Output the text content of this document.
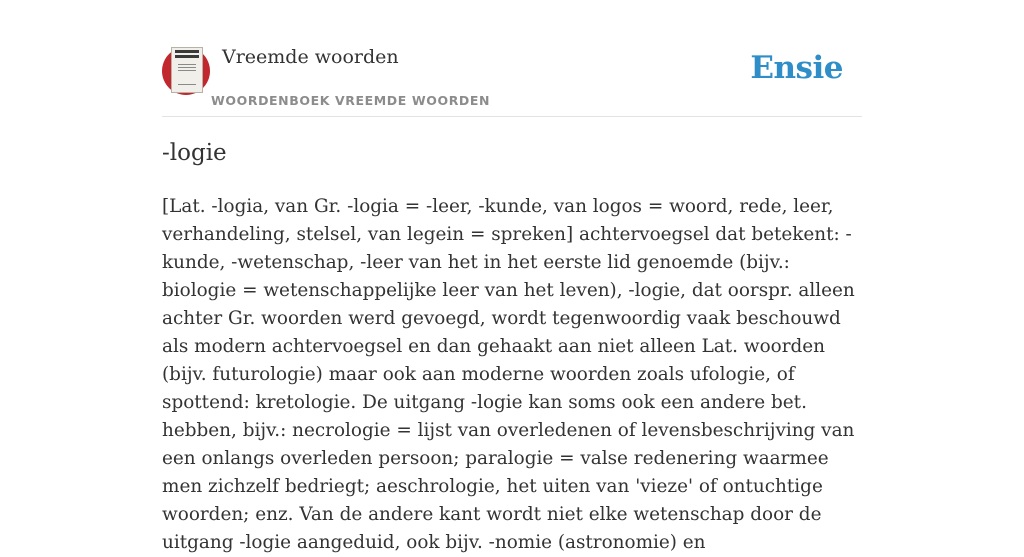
Vreemde woorden
WOORDENBOEK VREEMDE WOORDEN
Ensie
-logie

[Lat. -logia, van Gr. -logia = -leer, -kunde, van logos = woord, rede, leer, verhandeling, stelsel, van legein = spreken] achtervoegsel dat betekent: -kunde, -wetenschap, -leer van het in het eerste lid genoemde (bijv.: biologie = wetenschappelijke leer van het leven), -logie, dat oorspr. alleen achter Gr. woorden werd gevoegd, wordt tegenwoordig vaak beschouwd als modern achtervoegsel en dan gehaakt aan niet alleen Lat. woorden (bijv. futurologie) maar ook aan moderne woorden zoals ufologie, of spottend: kretologie. De uitgang -logie kan soms ook een andere bet. hebben, bijv.: necrologie = lijst van overledenen of levensbeschrijving van een onlangs overleden persoon; paralogie = valse redenering waarmee men zichzelf bedriegt; aeschrologie, het uiten van 'vieze' of ontuchtige woorden; enz. Van de andere kant wordt niet elke wetenschap door de uitgang -logie aangeduid, ook bijv. -nomie (astronomie) en
